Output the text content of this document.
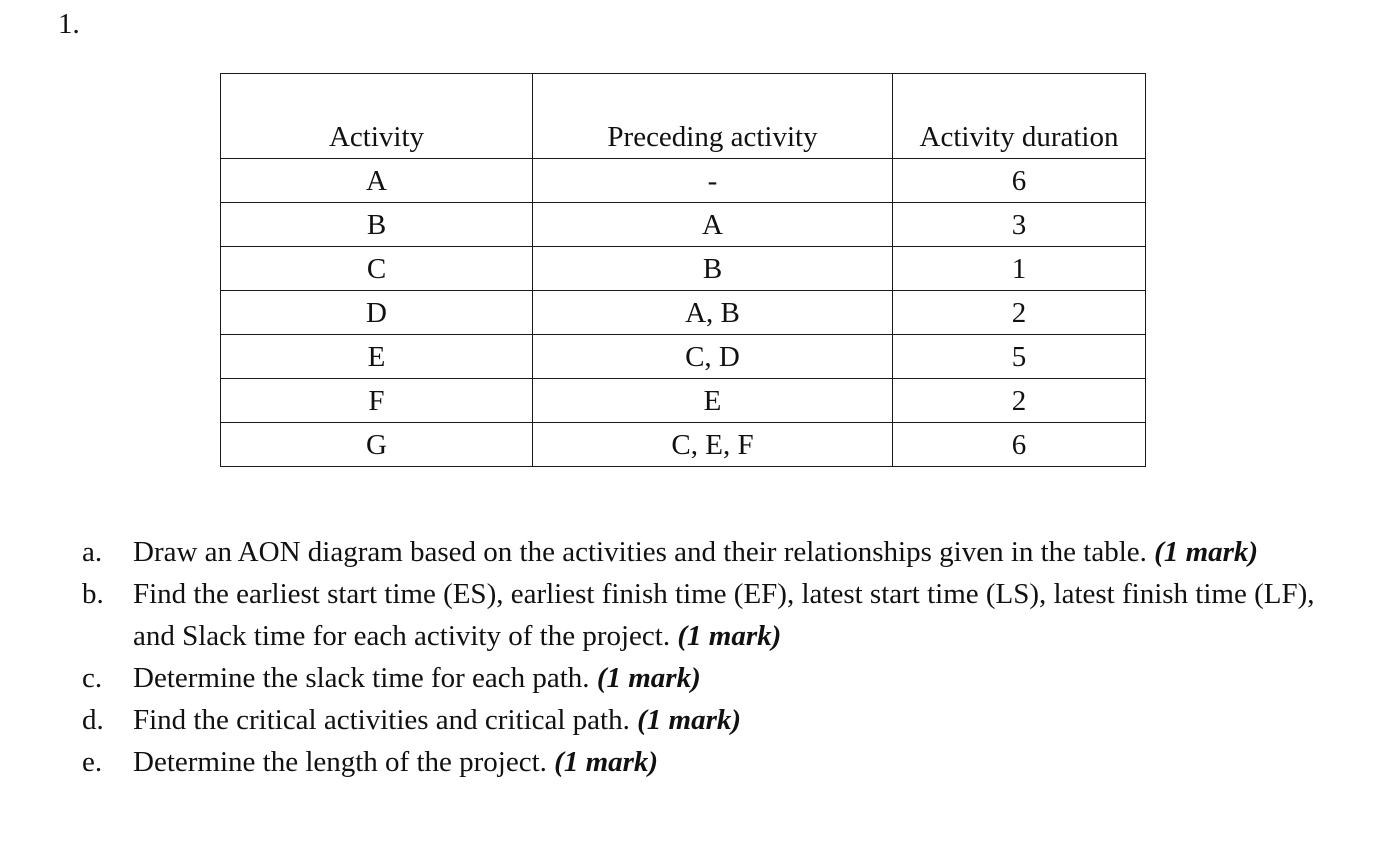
1.
Activity	Preceding activity	Activity duration
A	-	6
B	A	3
C	B	1
D	A, B	2
E	C, D	5
F	E	2
G	C, E, F	6
a. Draw an AON diagram based on the activities and their relationships given in the table. (1 mark)
b. Find the earliest start time (ES), earliest finish time (EF), latest start time (LS), latest finish time (LF), and Slack time for each activity of the project. (1 mark)
c. Determine the slack time for each path. (1 mark)
d. Find the critical activities and critical path. (1 mark)
e. Determine the length of the project. (1 mark)
